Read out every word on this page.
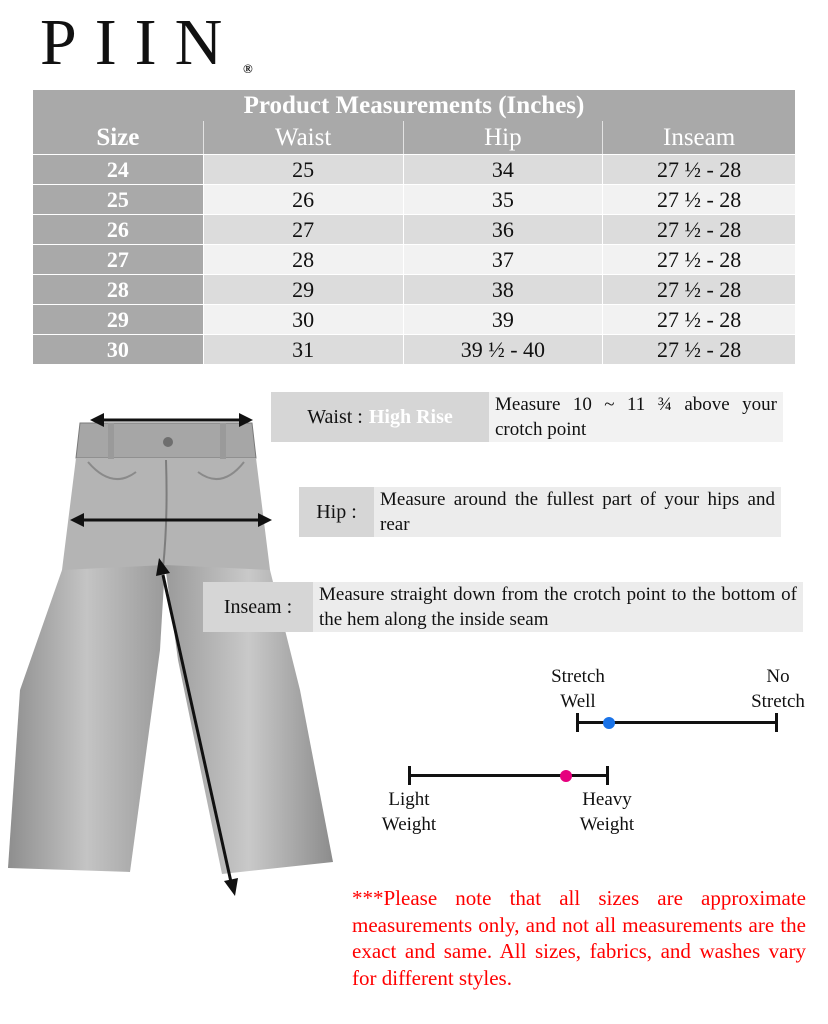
PIIN ®
Product Measurements (Inches)			
Size	Waist	Hip	Inseam
24	25	34	27 ½ - 28
25	26	35	27 ½ - 28
26	27	36	27 ½ - 28
27	28	37	27 ½ - 28
28	29	38	27 ½ - 28
29	30	39	27 ½ - 28
30	31	39 ½ - 40	27 ½ - 28
Waist : High Rise
Measure 10 ~ 11 ¾ above your crotch point
Hip :
Measure around the fullest part of your hips and rear
Inseam :
Measure straight down from the crotch point to the bottom of the hem along the inside seam
Stretch
Well
No
Stretch
Light
Weight
Heavy
Weight
***Please note that all sizes are approximate measurements only, and not all measurements are the exact and same. All sizes, fabrics, and washes vary for different styles.
